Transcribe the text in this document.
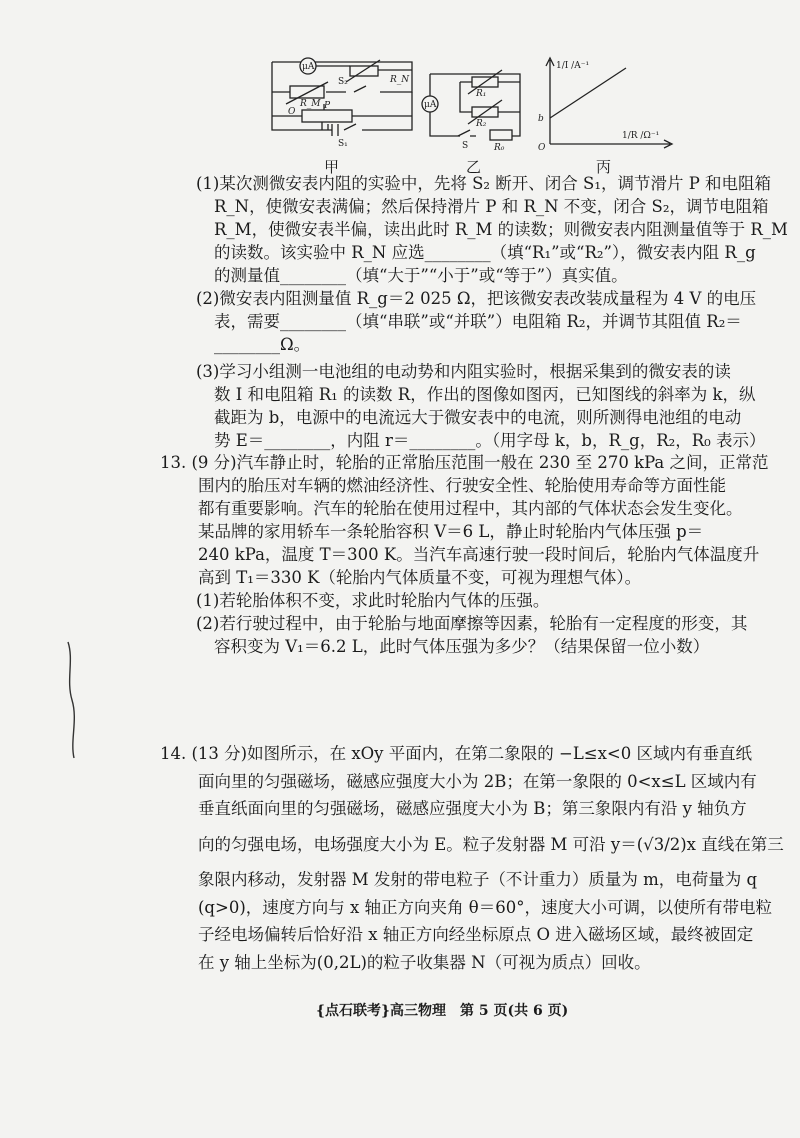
μA
S₂	R_N
R_M
O
P
S₁
甲
μA
R₁
R₂
S	R₀
乙
1/I /A⁻¹
1/R /Ω⁻¹
b
O
丙
(1)某次测微安表内阻的实验中，先将 S₂ 断开、闭合 S₁，调节滑片 P 和电阻箱
R_N，使微安表满偏；然后保持滑片 P 和 R_N 不变，闭合 S₂，调节电阻箱
R_M，使微安表半偏，读出此时 R_M 的读数；则微安表内阻测量值等于 R_M
的读数。该实验中 R_N 应选________（填“R₁”或“R₂”），微安表内阻 R_g
的测量值________（填“大于”“小于”或“等于”）真实值。
(2)微安表内阻测量值 R_g＝2 025 Ω，把该微安表改装成量程为 4 V 的电压
表，需要________（填“串联”或“并联”）电阻箱 R₂，并调节其阻值 R₂＝
________Ω。
(3)学习小组测一电池组的电动势和内阻实验时，根据采集到的微安表的读
数 I 和电阻箱 R₁ 的读数 R，作出的图像如图丙，已知图线的斜率为 k，纵
截距为 b，电源中的电流远大于微安表中的电流，则所测得电池组的电动
势 E＝________，内阻 r＝________。（用字母 k，b，R_g，R₂，R₀ 表示）
13. (9 分)汽车静止时，轮胎的正常胎压范围一般在 230 至 270 kPa 之间，正常范
围内的胎压对车辆的燃油经济性、行驶安全性、轮胎使用寿命等方面性能
都有重要影响。汽车的轮胎在使用过程中，其内部的气体状态会发生变化。
某品牌的家用轿车一条轮胎容积 V＝6 L，静止时轮胎内气体压强 p＝
240 kPa，温度 T＝300 K。当汽车高速行驶一段时间后，轮胎内气体温度升
高到 T₁＝330 K（轮胎内气体质量不变，可视为理想气体）。
(1)若轮胎体积不变，求此时轮胎内气体的压强。
(2)若行驶过程中，由于轮胎与地面摩擦等因素，轮胎有一定程度的形变，其
容积变为 V₁＝6.2 L，此时气体压强为多少？（结果保留一位小数）
14. (13 分)如图所示，在 xOy 平面内，在第二象限的 −L≤x<0 区域内有垂直纸
面向里的匀强磁场，磁感应强度大小为 2B；在第一象限的 0<x≤L 区域内有
垂直纸面向里的匀强磁场，磁感应强度大小为 B；第三象限内有沿 y 轴负方
向的匀强电场，电场强度大小为 E。粒子发射器 M 可沿 y＝(√3/2)x 直线在第三
象限内移动，发射器 M 发射的带电粒子（不计重力）质量为 m，电荷量为 q
(q>0)，速度方向与 x 轴正方向夹角 θ＝60°，速度大小可调，以使所有带电粒
子经电场偏转后恰好沿 x 轴正方向经坐标原点 O 进入磁场区域，最终被固定
在 y 轴上坐标为(0,2L)的粒子收集器 N（可视为质点）回收。
{点石联考}高三物理　第 5 页(共 6 页)
